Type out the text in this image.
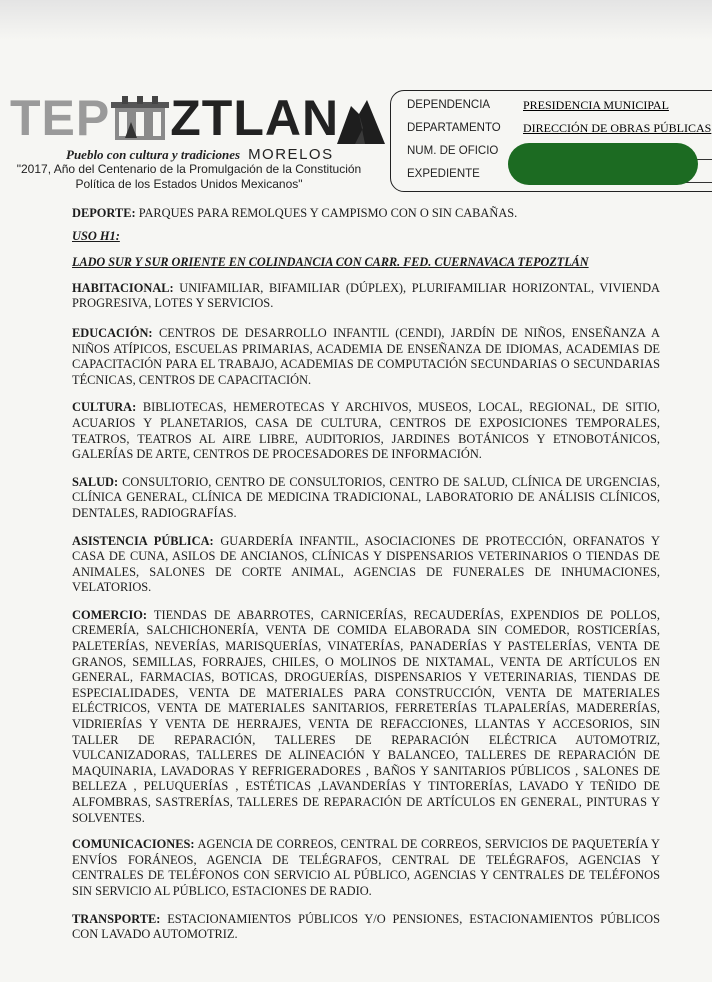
TEP ZTLAN
Pueblo con cultura y tradiciones MORELOS
"2017, Año del Centenario de la Promulgación de la Constitución Política de los Estados Unidos Mexicanos"
DEPENDENCIA	PRESIDENCIA MUNICIPAL
DEPARTAMENTO DIRECCIÓN DE OBRAS PÚBLICAS
NUM. DE OFICIO
EXPEDIENTE

DEPORTE: PARQUES PARA REMOLQUES Y CAMPISMO CON O SIN CABAÑAS.

USO H1:

LADO SUR Y SUR ORIENTE EN COLINDANCIA CON CARR. FED. CUERNAVACA TEPOZTLÁN

HABITACIONAL: UNIFAMILIAR, BIFAMILIAR (DÚPLEX), PLURIFAMILIAR HORIZONTAL, VIVIENDA PROGRESIVA, LOTES Y SERVICIOS.

EDUCACIÓN: CENTROS DE DESARROLLO INFANTIL (CENDI), JARDÍN DE NIÑOS, ENSEÑANZA A NIÑOS ATÍPICOS, ESCUELAS PRIMARIAS, ACADEMIA DE ENSEÑANZA DE IDIOMAS, ACADEMIAS DE CAPACITACIÓN PARA EL TRABAJO, ACADEMIAS DE COMPUTACIÓN SECUNDARIAS O SECUNDARIAS TÉCNICAS, CENTROS DE CAPACITACIÓN.

CULTURA: BIBLIOTECAS, HEMEROTECAS Y ARCHIVOS, MUSEOS, LOCAL, REGIONAL, DE SITIO, ACUARIOS Y PLANETARIOS, CASA DE CULTURA, CENTROS DE EXPOSICIONES TEMPORALES, TEATROS, TEATROS AL AIRE LIBRE, AUDITORIOS, JARDINES BOTÁNICOS Y ETNOBOTÁNICOS, GALERÍAS DE ARTE, CENTROS DE PROCESADORES DE INFORMACIÓN.

SALUD: CONSULTORIO, CENTRO DE CONSULTORIOS, CENTRO DE SALUD, CLÍNICA DE URGENCIAS, CLÍNICA GENERAL, CLÍNICA DE MEDICINA TRADICIONAL, LABORATORIO DE ANÁLISIS CLÍNICOS, DENTALES, RADIOGRAFÍAS.

ASISTENCIA PÚBLICA: GUARDERÍA INFANTIL, ASOCIACIONES DE PROTECCIÓN, ORFANATOS Y CASA DE CUNA, ASILOS DE ANCIANOS, CLÍNICAS Y DISPENSARIOS VETERINARIOS O TIENDAS DE ANIMALES, SALONES DE CORTE ANIMAL, AGENCIAS DE FUNERALES DE INHUMACIONES, VELATORIOS.

COMERCIO: TIENDAS DE ABARROTES, CARNICERÍAS, RECAUDERÍAS, EXPENDIOS DE POLLOS, CREMERÍA, SALCHICHONERÍA, VENTA DE COMIDA ELABORADA SIN COMEDOR, ROSTICERÍAS, PALETERÍAS, NEVERÍAS, MARISQUERÍAS, VINATERÍAS, PANADERÍAS Y PASTELERÍAS, VENTA DE GRANOS, SEMILLAS, FORRAJES, CHILES, O MOLINOS DE NIXTAMAL, VENTA DE ARTÍCULOS EN GENERAL, FARMACIAS, BOTICAS, DROGUERÍAS, DISPENSARIOS Y VETERINARIAS, TIENDAS DE ESPECIALIDADES, VENTA DE MATERIALES PARA CONSTRUCCIÓN, VENTA DE MATERIALES ELÉCTRICOS, VENTA DE MATERIALES SANITARIOS, FERRETERÍAS TLAPALERÍAS, MADERERÍAS, VIDRIERÍAS Y VENTA DE HERRAJES, VENTA DE REFACCIONES, LLANTAS Y ACCESORIOS, SIN TALLER DE REPARACIÓN, TALLERES DE REPARACIÓN ELÉCTRICA AUTOMOTRIZ, VULCANIZADORAS, TALLERES DE ALINEACIÓN Y BALANCEO, TALLERES DE REPARACIÓN DE MAQUINARIA, LAVADORAS Y REFRIGERADORES , BAÑOS Y SANITARIOS PÚBLICOS , SALONES DE BELLEZA , PELUQUERÍAS , ESTÉTICAS ,LAVANDERÍAS Y TINTORERÍAS, LAVADO Y TEÑIDO DE ALFOMBRAS, SASTRERÍAS, TALLERES DE REPARACIÓN DE ARTÍCULOS EN GENERAL, PINTURAS Y SOLVENTES.

COMUNICACIONES: AGENCIA DE CORREOS, CENTRAL DE CORREOS, SERVICIOS DE PAQUETERÍA Y ENVÍOS FORÁNEOS, AGENCIA DE TELÉGRAFOS, CENTRAL DE TELÉGRAFOS, AGENCIAS Y CENTRALES DE TELÉFONOS CON SERVICIO AL PÚBLICO, AGENCIAS Y CENTRALES DE TELÉFONOS SIN SERVICIO AL PÚBLICO, ESTACIONES DE RADIO.

TRANSPORTE: ESTACIONAMIENTOS PÚBLICOS Y/O PENSIONES, ESTACIONAMIENTOS PÚBLICOS CON LAVADO AUTOMOTRIZ.
